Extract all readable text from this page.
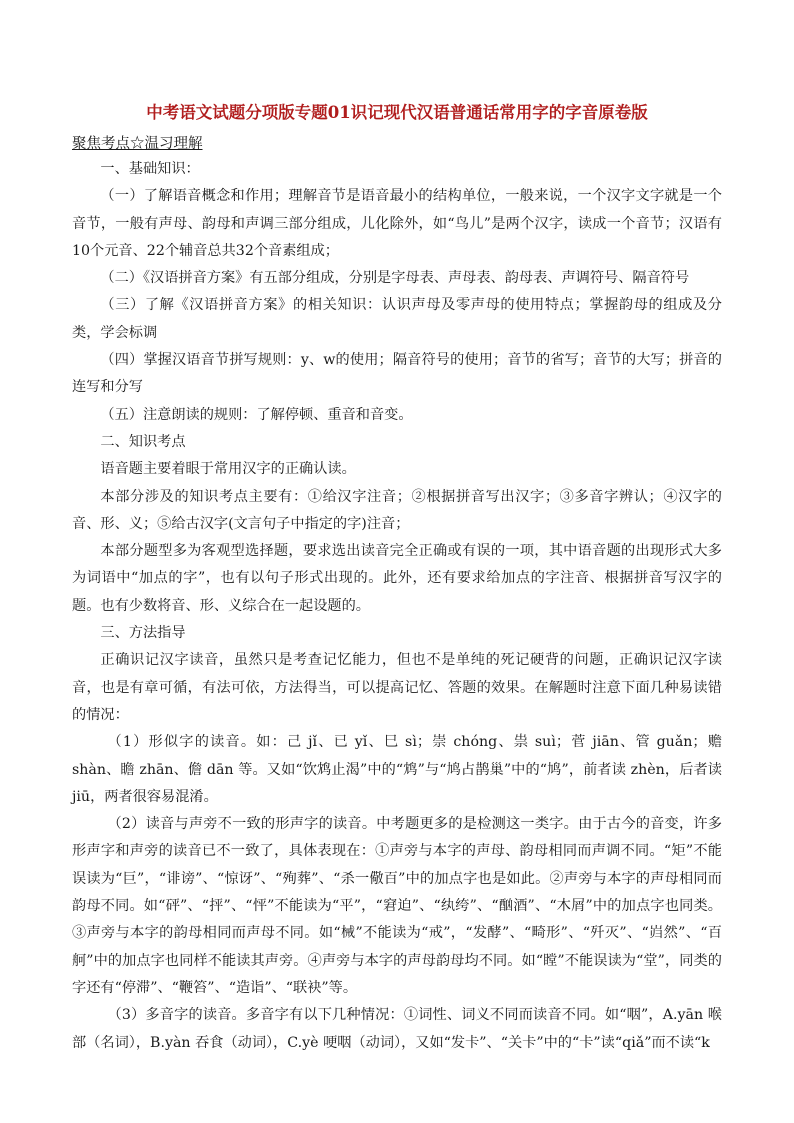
中考语文试题分项版专题01识记现代汉语普通话常用字的字音原卷版

聚焦考点☆温习理解

一、基础知识：

（一）了解语音概念和作用；理解音节是语音最小的结构单位，一般来说，一个汉字文字就是一个音节，一般有声母、韵母和声调三部分组成，儿化除外，如“鸟儿”是两个汉字，读成一个音节；汉语有10个元音、22个辅音总共32个音素组成；

（二）《汉语拼音方案》有五部分组成，分别是字母表、声母表、韵母表、声调符号、隔音符号

（三）了解《汉语拼音方案》的相关知识：认识声母及零声母的使用特点；掌握韵母的组成及分类，学会标调

（四）掌握汉语音节拼写规则：y、w的使用；隔音符号的使用；音节的省写；音节的大写；拼音的连写和分写

（五）注意朗读的规则：了解停顿、重音和音变。

二、知识考点

语音题主要着眼于常用汉字的正确认读。

本部分涉及的知识考点主要有：①给汉字注音；②根据拼音写出汉字；③多音字辨认；④汉字的音、形、义；⑤给古汉字(文言句子中指定的字)注音；

本部分题型多为客观型选择题，要求选出读音完全正确或有误的一项，其中语音题的出现形式大多为词语中“加点的字”，也有以句子形式出现的。此外，还有要求给加点的字注音、根据拼音写汉字的题。也有少数将音、形、义综合在一起设题的。

三、方法指导

正确识记汉字读音，虽然只是考查记忆能力，但也不是单纯的死记硬背的问题，正确识记汉字读音，也是有章可循，有法可依，方法得当，可以提高记忆、答题的效果。在解题时注意下面几种易读错的情况：

（1）形似字的读音。如：己 jǐ、已 yǐ、巳 sì；崇 chóng、祟 suì；菅 jiān、管 guǎn；赡 shàn、瞻 zhān、儋 dān 等。又如“饮鸩止渴”中的“鸩”与“鸠占鹊巢”中的“鸠”，前者读 zhèn，后者读 jiū，两者很容易混淆。

（2）读音与声旁不一致的形声字的读音。中考题更多的是检测这一类字。由于古今的音变，许多形声字和声旁的读音已不一致了，具体表现在：①声旁与本字的声母、韵母相同而声调不同。“矩”不能误读为“巨”，“诽谤”、“惊讶”、“殉葬”、“杀一儆百”中的加点字也是如此。②声旁与本字的声母相同而韵母不同。如“砰”、“抨”、“怦”不能读为“平”，“窘迫”、“纨绔”、“酗酒”、“木屑”中的加点字也同类。③声旁与本字的韵母相同而声母不同。如“械”不能读为“戒”，“发酵”、“畸形”、“歼灭”、“岿然”、“百舸”中的加点字也同样不能读其声旁。④声旁与本字的声母韵母均不同。如“瞠”不能误读为“堂”，同类的字还有“停滞”、“鞭笞”、“造诣”、“联袂”等。

（3）多音字的读音。多音字有以下几种情况：①词性、词义不同而读音不同。如“咽”，A.yān 喉部（名词），B.yàn 吞食（动词），C.yè 哽咽（动词），又如“发卡”、“关卡”中的“卡”读“qiǎ”而不读“k
